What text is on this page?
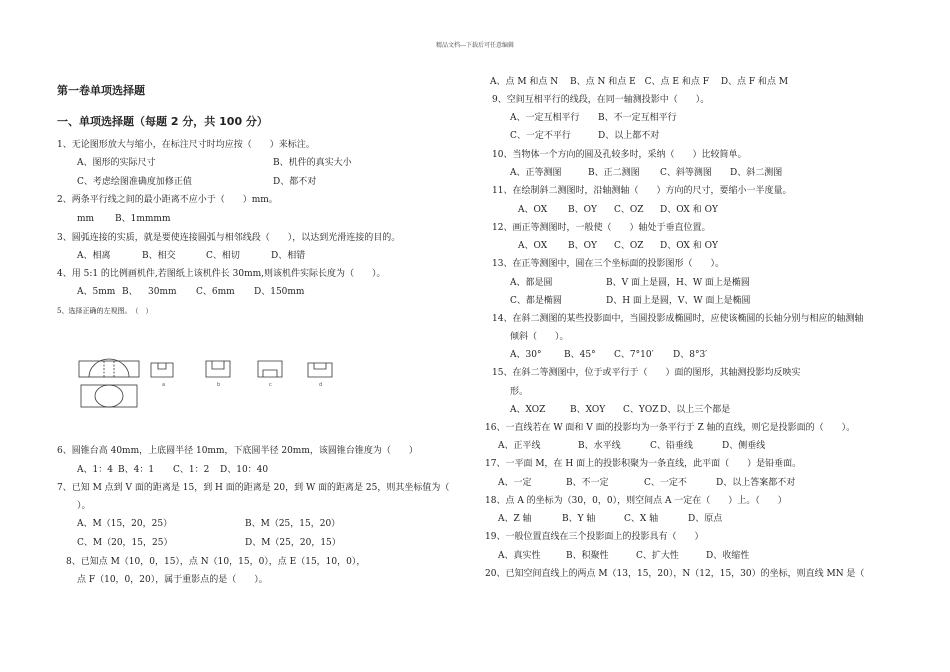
精品文档---下载后可任意编辑
第一卷单项选择题
一、单项选择题（每题 2 分，共 100 分）
1、无论图形放大与缩小，在标注尺寸时均应按（　　）来标注。
A、图形的实际尺寸	B、机件的真实大小
C、考虑绘图准确度加修正值	D、都不对
2、两条平行线之间的最小距离不应小于（　　）mm。
mm B、1mmmm
3、圆弧连接的实质，就是要使连接圆弧与相邻线段（　　），以达到光滑连接的目的。
A、相离	B、相交	C、相切	D、相错
4、用 5:1 的比例画机件,若图纸上该机件长 30mm,则该机件实际长度为（　　）。
A、5mm B、 30mm C、6mm D、150mm
5、选择正确的左视图。　（　）
a	b	c	d
6、圆锥台高 40mm，上底圆半径 10mm，下底圆半径 20mm，该圆锥台锥度为（　　）
A、1：4 B、4：1 C、1：2 D、10：40
7、已知 M 点到 V 面的距离是 15，到 H 面的距离是 20，到 W 面的距离是 25，则其坐标值为（
）。
A、M（15，20，25）	B、M（25，15，20）
C、M（20，15，25）	D、M（25，20，15）
8、已知点 M（10，0，15），点 N（10，15，0），点 E（15，10，0），
点 F（10，0，20），属于重影点的是（　　）。
A、点 M 和点 N　 B、点 N 和点 E　C、点 E 和点 F　 D、点 F 和点 M
9、空间互相平行的线段，在同一轴测投影中（　　）。
A、一定互相平行 B、不一定互相平行
C、一定不平行	D、以上都不对
10、当物体一个方向的圆及孔较多时，采纳（　　）比较简单。
A、正等测图	B、正二测图 C、斜等测图 D、斜二测图
11、在绘制斜二测图时，沿轴测轴（　　）方向的尺寸，要缩小一半度量。
A、OX B、OY C、OZ D、OX 和 OY
12、画正等测图时，一般使（　　）轴处于垂直位置。
A、OX B、OY C、OZ D、OX 和 OY
13、在正等测图中，圆在三个坐标面的投影图形（　　）。
A、都是圆	B、V 面上是圆，H、W 面上是椭圆
C、都是椭圆	D、H 面上是圆，V、W 面上是椭圆
14、在斜二测图的某些投影面中，当圆投影成椭圆时，应使该椭圆的长轴分别与相应的轴测轴
倾斜（　　）。
A、30°	B、45° C、7°10′ D、8°3′
15、在斜二等测图中，位于或平行于（　　）面的图形，其轴测投影均反映实
形。
A、XOZ	B、XOY C、YOZ D、以上三个都是
16、一直线若在 W 面和 V 面的投影均为一条平行于 Z 轴的直线，则它是投影面的（　　）。
A、正平线	B、水平线	C、铅垂线	D、侧垂线
17、一平面 M，在 H 面上的投影积聚为一条直线，此平面（　　）是铅垂面。
A、一定	B、不一定	C、一定不	D、以上答案都不对
18、点 A 的坐标为（30，0，0），则空间点 A 一定在（　　）上。（　　）
A、Z 轴	B、Y 轴	C、X 轴	D、原点
19、一般位置直线在三个投影面上的投影具有（　　）
A、真实性	B、积聚性	C、扩大性	D、收缩性
20、已知空间直线上的两点 M（13，15，20），N（12，15，30）的坐标，则直线 MN 是（
